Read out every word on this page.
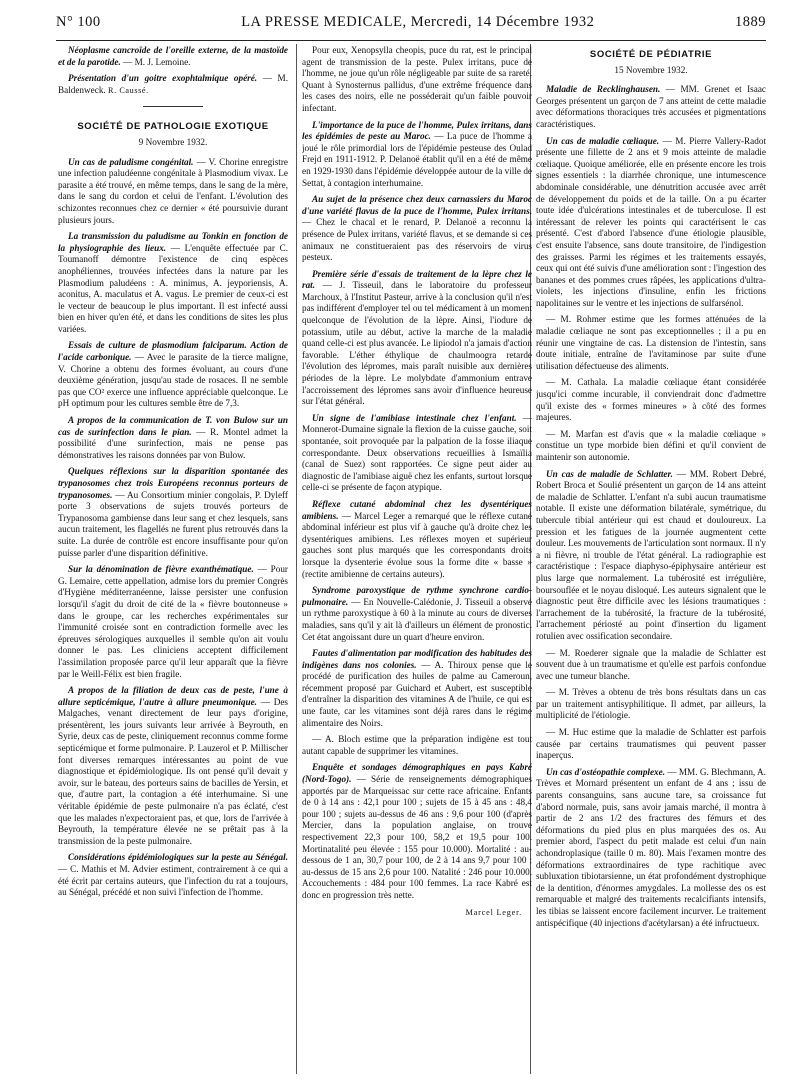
N° 100	LA PRESSE MEDICALE, Mercredi, 14 Décembre 1932	1889

Néoplasme cancroïde de l'oreille externe, de la mastoïde et de la parotide. — M. J. Lemoine.

Présentation d'un goitre exophtalmique opéré. — M. Baldenweck. R. Caussé.

SOCIÉTÉ DE PATHOLOGIE EXOTIQUE
9 Novembre 1932.

Un cas de paludisme congénital. — V. Chorine enregistre une infection paludéenne congénitale à Plasmodium vivax. Le parasite a été trouvé, en même temps, dans le sang de la mère, dans le sang du cordon et celui de l'enfant. L'évolution des schizontes reconnues chez ce dernier « été poursuivie durant plusieurs jours.

La transmission du paludisme au Tonkin en fonction de la physiographie des lieux. — L'enquête effectuée par C. Toumanoff démontre l'existence de cinq espèces anophéliennes, trouvées infectées dans la nature par les Plasmodium paludéens : A. minimus, A. jeyporiensis, A. aconitus, A. maculatus et A. vagus. Le premier de ceux-ci est le vecteur de beaucoup le plus important. Il est infecté aussi bien en hiver qu'en été, et dans les conditions de sites les plus variées.

Essais de culture de plasmodium falciparum. Action de l'acide carbonique. — Avec le parasite de la tierce maligne, V. Chorine a obtenu des formes évoluant, au cours d'une deuxième génération, jusqu'au stade de rosaces. Il ne semble pas que CO² exerce une influence appréciable quelconque. Le pH optimum pour les cultures semble être de 7,3.

A propos de la communication de T. von Bulow sur un cas de surinfection dans le pian. — R. Montel admet la possibilité d'une surinfection, mais ne pense pas démonstratives les raisons données par von Bulow.

Quelques réflexions sur la disparition spontanée des trypanosomes chez trois Européens reconnus porteurs de trypanosomes. — Au Consortium minier congolais, P. Dyleff porte 3 observations de sujets trouvés porteurs de Trypanosoma gambiense dans leur sang et chez lesquels, sans aucun traitement, les flagellés ne furent plus retrouvés dans la suite. La durée de contrôle est encore insuffisante pour qu'on puisse parler d'une disparition définitive.

Sur la dénomination de fièvre exanthématique. — Pour G. Lemaire, cette appellation, admise lors du premier Congrès d'Hygiène méditerranéenne, laisse persister une confusion lorsqu'il s'agit du droit de cité de la « fièvre boutonneuse » dans le groupe, car les recherches expérimentales sur l'immunité croisée sont en contradiction formelle avec les épreuves sérologiques auxquelles il semble qu'on ait voulu donner le pas. Les cliniciens acceptent difficilement l'assimilation proposée parce qu'il leur apparaît que la fièvre par le Weill-Félix est bien fragile.

A propos de la filiation de deux cas de peste, l'une à allure septicémique, l'autre à allure pneumonique. — Des Malgaches, venant directement de leur pays d'origine, présentèrent, les jours suivants leur arrivée à Beyrouth, en Syrie, deux cas de peste, cliniquement reconnus comme forme septicémique et forme pulmonaire. P. Lauzerol et P. Millischer font diverses remarques intéressantes au point de vue diagnostique et épidémiologique. Ils ont pensé qu'il devait y avoir, sur le bateau, des porteurs sains de bacilles de Yersin, et que, d'autre part, la contagion a été interhumaine. Si une véritable épidémie de peste pulmonaire n'a pas éclaté, c'est que les malades n'expectoraient pas, et que, lors de l'arrivée à Beyrouth, la température élevée ne se prêtait pas à la transmission de la peste pulmonaire.

Considérations épidémiologiques sur la peste au Sénégal. — C. Mathis et M. Advier estiment, contrairement à ce qui a été écrit par certains auteurs, que l'infection du rat a toujours, au Sénégal, précédé et non suivi l'infection de l'homme.

Pour eux, Xenopsylla cheopis, puce du rat, est le principal agent de transmission de la peste. Pulex irritans, puce de l'homme, ne joue qu'un rôle négligeable par suite de sa rareté. Quant à Synosternus pallidus, d'une extrême fréquence dans les cases des noirs, elle ne posséderait qu'un faible pouvoir infectant.

L'importance de la puce de l'homme, Pulex irritans, dans les épidémies de peste au Maroc. — La puce de l'homme a joué le rôle primordial lors de l'épidémie pesteuse des Oulad Frejd en 1911-1912. P. Delanoë établit qu'il en a été de même en 1929-1930 dans l'épidémie développée autour de la ville de Settat, à contagion interhumaine.

Au sujet de la présence chez deux carnassiers du Maroc d'une variété flavus de la puce de l'homme, Pulex irritans. — Chez le chacal et le renard, P. Delanoë a reconnu la présence de Pulex irritans, variété flavus, et se demande si ces animaux ne constitueraient pas des réservoirs de virus pesteux.

Première série d'essais de traitement de la lèpre chez le rat. — J. Tisseuil, dans le laboratoire du professeur Marchoux, à l'Institut Pasteur, arrive à la conclusion qu'il n'est pas indifférent d'employer tel ou tel médicament à un moment quelconque de l'évolution de la lèpre. Ainsi, l'iodure de potassium, utile au début, active la marche de la maladie quand celle-ci est plus avancée. Le lipiodol n'a jamais d'action favorable. L'éther éthylique de chaulmoogra retarde l'évolution des lépromes, mais paraît nuisible aux dernières périodes de la lèpre. Le molybdate d'ammonium entrave l'accroissement des lépromes sans avoir d'influence heureuse sur l'état général.

Un signe de l'amibiase intestinale chez l'enfant. — Monnerot-Dumaine signale la flexion de la cuisse gauche, soit spontanée, soit provoquée par la palpation de la fosse iliaque correspondante. Deux observations recueillies à Ismaïlia (canal de Suez) sont rapportées. Ce signe peut aider au diagnostic de l'amibiase aiguë chez les enfants, surtout lorsque celle-ci se présente de façon atypique.

Réflexe cutané abdominal chez les dysentériques amibiens. — Marcel Leger a remarqué que le réflexe cutané abdominal inférieur est plus vif à gauche qu'à droite chez les dysentériques amibiens. Les réflexes moyen et supérieur gauches sont plus marqués que les correspondants droits lorsque la dysenterie évolue sous la forme dite « basse » (rectite amibienne de certains auteurs).

Syndrome paroxystique de rythme synchrone cardio-pulmonaire. — En Nouvelle-Calédonie, J. Tisseuil a observé un rythme paroxystique à 60 à la minute au cours de diverses maladies, sans qu'il y ait là d'ailleurs un élément de pronostic. Cet état angoissant dure un quart d'heure environ.

Fautes d'alimentation par modification des habitudes des indigènes dans nos colonies. — A. Thiroux pense que le procédé de purification des huiles de palme au Cameroun, récemment proposé par Guichard et Aubert, est susceptible d'entraîner la disparition des vitamines A de l'huile, ce qui est une faute, car les vitamines sont déjà rares dans le régime alimentaire des Noirs.

— A. Bloch estime que la préparation indigène est tout autant capable de supprimer les vitamines.

Enquête et sondages démographiques en pays Kabré (Nord-Togo). — Série de renseignements démographiques apportés par de Marqueissac sur cette race africaine. Enfants de 0 à 14 ans : 42,1 pour 100 ; sujets de 15 à 45 ans : 48,4 pour 100 ; sujets au-dessus de 46 ans : 9,6 pour 100 (d'après Mercier, dans la population anglaise, on trouve respectivement 22,3 pour 100, 58,2 et 19,5 pour 100. Mortinatalité peu élevée : 155 pour 10.000). Mortalité : au-dessous de 1 an, 30,7 pour 100, de 2 à 14 ans 9,7 pour 100 ; au-dessus de 15 ans 2,6 pour 100. Natalité : 246 pour 10.000. Accouchements : 484 pour 100 femmes. La race Kabré est donc en progression très nette.

Marcel Leger.
SOCIÉTÉ DE PÉDIATRIE
15 Novembre 1932.

Maladie de Recklinghausen. — MM. Grenet et Isaac Georges présentent un garçon de 7 ans atteint de cette maladie avec déformations thoraciques très accusées et pigmentations caractéristiques.

Un cas de maladie cœliaque. — M. Pierre Vallery-Radot présente une fillette de 2 ans et 9 mois atteinte de maladie cœliaque. Quoique améliorée, elle en présente encore les trois signes essentiels : la diarrhée chronique, une intumescence abdominale considérable, une dénutrition accusée avec arrêt de développement du poids et de la taille. On a pu écarter toute idée d'ulcérations intestinales et de tuberculose. Il est intéressant de relever les points qui caractérisent le cas présenté. C'est d'abord l'absence d'une étiologie plausible, c'est ensuite l'absence, sans doute transitoire, de l'indigestion des graisses. Parmi les régimes et les traitements essayés, ceux qui ont été suivis d'une amélioration sont : l'ingestion des bananes et des pommes crues râpées, les applications d'ultra-violets, les injections d'insuline, enfin les frictions napolitaines sur le ventre et les injections de sulfarsénol.

— M. Rohmer estime que les formes atténuées de la maladie cœliaque ne sont pas exceptionnelles ; il a pu en réunir une vingtaine de cas. La distension de l'intestin, sans doute initiale, entraîne de l'avitaminose par suite d'une utilisation défectueuse des aliments.

— M. Cathala. La maladie cœliaque étant considérée jusqu'ici comme incurable, il conviendrait donc d'admettre qu'il existe des « formes mineures » à côté des formes majeures.

— M. Marfan est d'avis que « la maladie cœliaque » constitue un type morbide bien défini et qu'il convient de maintenir son autonomie.

Un cas de maladie de Schlatter. — MM. Robert Debré, Robert Broca et Soulié présentent un garçon de 14 ans atteint de maladie de Schlatter. L'enfant n'a subi aucun traumatisme notable. Il existe une déformation bilatérale, symétrique, du tubercule tibial antérieur qui est chaud et douloureux. La pression et les fatigues de la journée augmentent cette douleur. Les mouvements de l'articulation sont normaux. Il n'y a ni fièvre, ni trouble de l'état général. La radiographie est caractéristique : l'espace diaphyso-épiphysaire antérieur est plus large que normalement. La tubérosité est irrégulière, boursouflée et le noyau disloqué. Les auteurs signalent que le diagnostic peut être difficile avec les lésions traumatiques : l'arrachement de la tubérosité, la fracture de la tubérosité, l'arrachement périosté au point d'insertion du ligament rotulien avec ossification secondaire.

— M. Roederer signale que la maladie de Schlatter est souvent due à un traumatisme et qu'elle est parfois confondue avec une tumeur blanche.

— M. Trèves a obtenu de très bons résultats dans un cas par un traitement antisyphilitique. Il admet, par ailleurs, la multiplicité de l'étiologie.

— M. Huc estime que la maladie de Schlatter est parfois causée par certains traumatismes qui peuvent passer inaperçus.

Un cas d'ostéopathie complexe. — MM. G. Blechmann, A. Trèves et Mornard présentent un enfant de 4 ans ; issu de parents consanguins, sans aucune tare, sa croissance fut d'abord normale, puis, sans avoir jamais marché, il montra à partir de 2 ans 1/2 des fractures des fémurs et des déformations du pied plus en plus marquées des os. Au premier abord, l'aspect du petit malade est celui d'un nain achondroplasique (taille 0 m. 80). Mais l'examen montre des déformations extraordinaires de type rachitique avec subluxation tibiotarsienne, un état profondément dystrophique de la dentition, d'énormes amygdales. La mollesse des os est remarquable et malgré des traitements recalcifiants intensifs, les tibias se laissent encore facilement incurver. Le traitement antispécifique (40 injections d'acétylarsan) a été infructueux.
